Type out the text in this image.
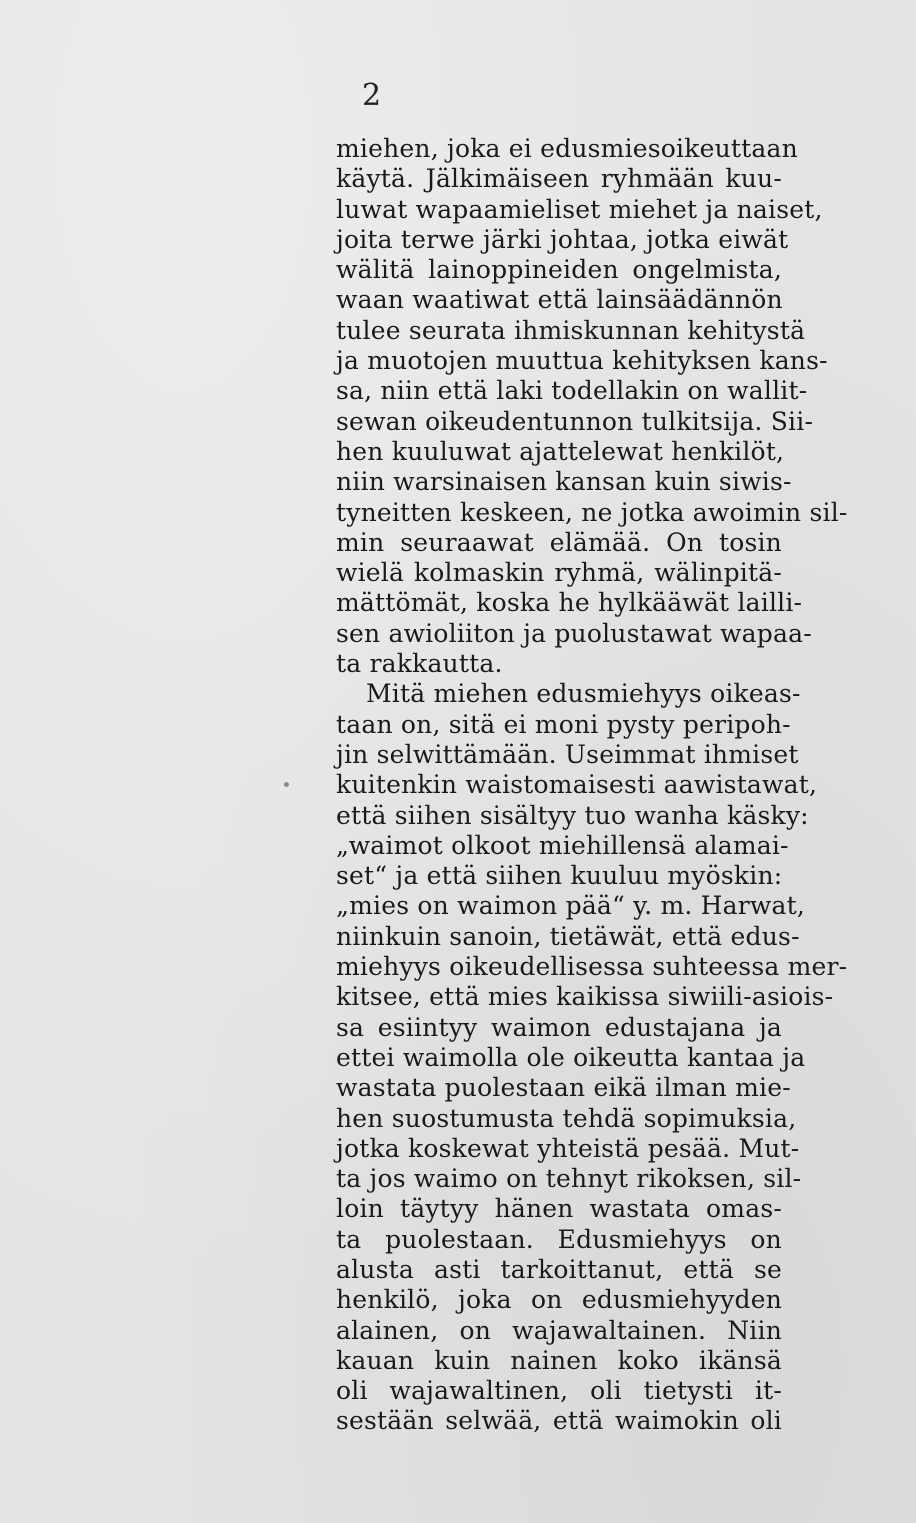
2
miehen, joka ei edusmiesoikeuttaan
käytä. Jälkimäiseen ryhmään kuu-
luwat wapaamieliset miehet ja naiset,
joita terwe järki johtaa, jotka eiwät
wälitä lainoppineiden ongelmista,
waan waatiwat että lainsäädännön
tulee seurata ihmiskunnan kehitystä
ja muotojen muuttua kehityksen kans-
sa, niin että laki todellakin on wallit-
sewan oikeudentunnon tulkitsija. Sii-
hen kuuluwat ajattelewat henkilöt,
niin warsinaisen kansan kuin siwis-
tyneitten keskeen, ne jotka awoimin sil-
min seuraawat elämää. On tosin
wielä kolmaskin ryhmä, wälinpitä-
mättömät, koska he hylkääwät lailli-
sen awioliiton ja puolustawat wapaa-
ta rakkautta.
Mitä miehen edusmiehyys oikeas-
taan on, sitä ei moni pysty peripoh-
jin selwittämään. Useimmat ihmiset
kuitenkin waistomaisesti aawistawat,
että siihen sisältyy tuo wanha käsky:
„waimot olkoot miehillensä alamai-
set“ ja että siihen kuuluu myöskin:
„mies on waimon pää“ y. m. Harwat,
niinkuin sanoin, tietäwät, että edus-
miehyys oikeudellisessa suhteessa mer-
kitsee, että mies kaikissa siwiili-asiois-
sa esiintyy waimon edustajana ja
ettei waimolla ole oikeutta kantaa ja
wastata puolestaan eikä ilman mie-
hen suostumusta tehdä sopimuksia,
jotka koskewat yhteistä pesää. Mut-
ta jos waimo on tehnyt rikoksen, sil-
loin täytyy hänen wastata omas-
ta puolestaan. Edusmiehyys on
alusta asti tarkoittanut, että se
henkilö, joka on edusmiehyyden
alainen, on wajawaltainen. Niin
kauan kuin nainen koko ikänsä
oli wajawaltinen, oli tietysti it-
sestään selwää, että waimokin oli
